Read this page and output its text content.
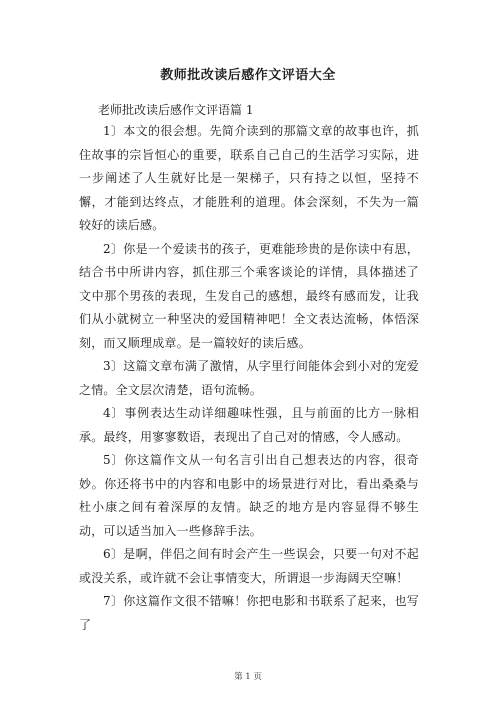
教师批改读后感作文评语大全
老师批改读后感作文评语篇 1

1〕本文的很会想。先简介读到的那篇文章的故事也许，抓住故事的宗旨恒心的重要，联系自己自己的生活学习实际，进一步阐述了人生就好比是一架梯子，只有持之以恒，坚持不懈，才能到达终点，才能胜利的道理。体会深刻，不失为一篇较好的读后感。

2〕你是一个爱读书的孩子，更难能珍贵的是你读中有思，结合书中所讲内容，抓住那三个乘客谈论的详情，具体描述了文中那个男孩的表现，生发自己的感想，最终有感而发，让我们从小就树立一种坚决的爱国精神吧！全文表达流畅，体悟深刻，而又顺理成章。是一篇较好的读后感。

3〕这篇文章布满了激情，从字里行间能体会到小对的宠爱之情。全文层次清楚，语句流畅。

4〕事例表达生动详细趣味性强，且与前面的比方一脉相承。最终，用寥寥数语，表现出了自己对的情感，令人感动。

5〕你这篇作文从一句名言引出自己想表达的内容，很奇妙。你还将书中的内容和电影中的场景进行对比，看出桑桑与杜小康之间有着深厚的友情。缺乏的地方是内容显得不够生动，可以适当加入一些修辞手法。

6〕是啊，伴侣之间有时会产生一些误会，只要一句对不起或没关系，或许就不会让事情变大，所谓退一步海阔天空嘛！

7〕你这篇作文很不错嘛！你把电影和书联系了起来，也写了

第 1 页
